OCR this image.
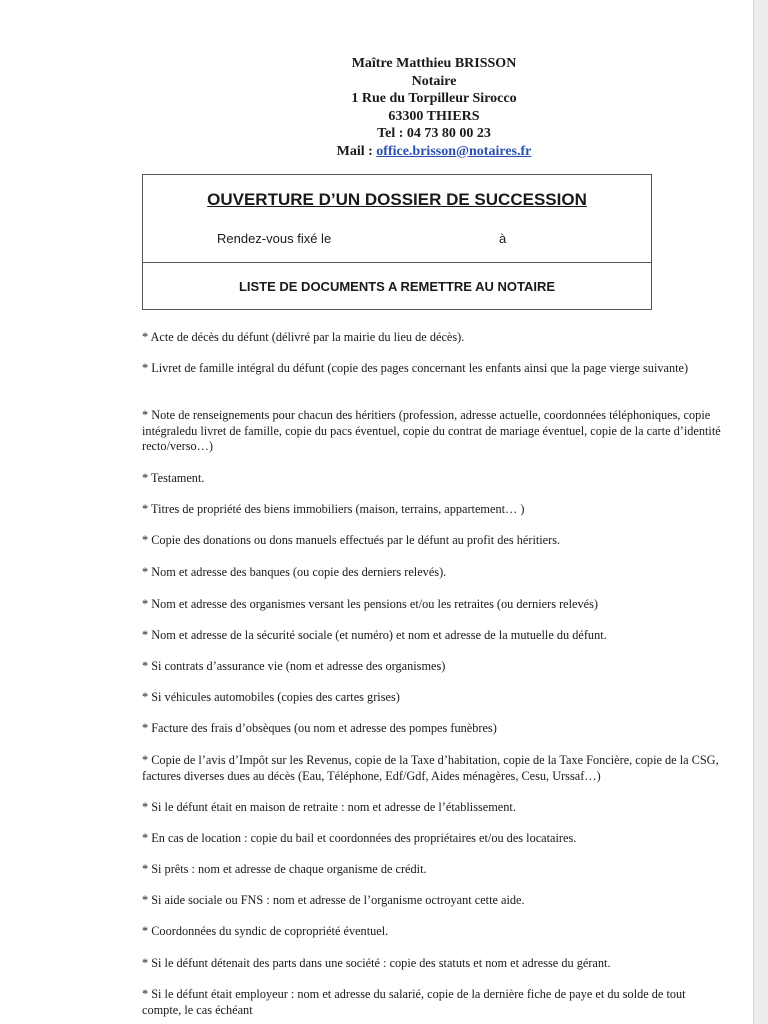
Maître Matthieu BRISSON
Notaire
1 Rue du Torpilleur Sirocco
63300 THIERS
Tel : 04 73 80 00 23
Mail : office.brisson@notaires.fr
OUVERTURE D’UN DOSSIER DE SUCCESSION
Rendez-vous fixé le	à
LISTE DE DOCUMENTS A REMETTRE AU NOTAIRE
* Acte de décès du défunt (délivré par la mairie du lieu de décès).
* Livret de famille intégral du défunt (copie des pages concernant les enfants ainsi que la page vierge suivante)
* Note de renseignements pour chacun des héritiers (profession, adresse actuelle, coordonnées téléphoniques, copie intégraledu livret de famille, copie du pacs éventuel, copie du contrat de mariage éventuel, copie de la carte d’identité recto/verso…)
* Testament.
* Titres de propriété des biens immobiliers (maison, terrains, appartement… )
* Copie des donations ou dons manuels effectués par le défunt au profit des héritiers.
* Nom et adresse des banques (ou copie des derniers relevés).
* Nom et adresse des organismes versant les pensions et/ou les retraites (ou derniers relevés)
* Nom et adresse de la sécurité sociale (et numéro) et nom et adresse de la mutuelle du défunt.
* Si contrats d’assurance vie (nom et adresse des organismes)
* Si véhicules automobiles (copies des cartes grises)
* Facture des frais d’obsèques (ou nom et adresse des pompes funèbres)
* Copie de l’avis d’Impôt sur les Revenus, copie de la Taxe d’habitation, copie de la Taxe Foncière, copie de la CSG, factures diverses dues au décès (Eau, Téléphone, Edf/Gdf, Aides ménagères, Cesu, Urssaf…)
* Si le défunt était en maison de retraite : nom et adresse de l’établissement.
* En cas de location : copie du bail et coordonnées des propriétaires et/ou des locataires.
* Si prêts : nom et adresse de chaque organisme de crédit.
* Si aide sociale ou FNS : nom et adresse de l’organisme octroyant cette aide.
* Coordonnées du syndic de copropriété éventuel.
* Si le défunt détenait des parts dans une société : copie des statuts et nom et adresse du gérant.
* Si le défunt était employeur : nom et adresse du salarié, copie de la dernière fiche de paye et du solde de tout compte, le cas échéant
